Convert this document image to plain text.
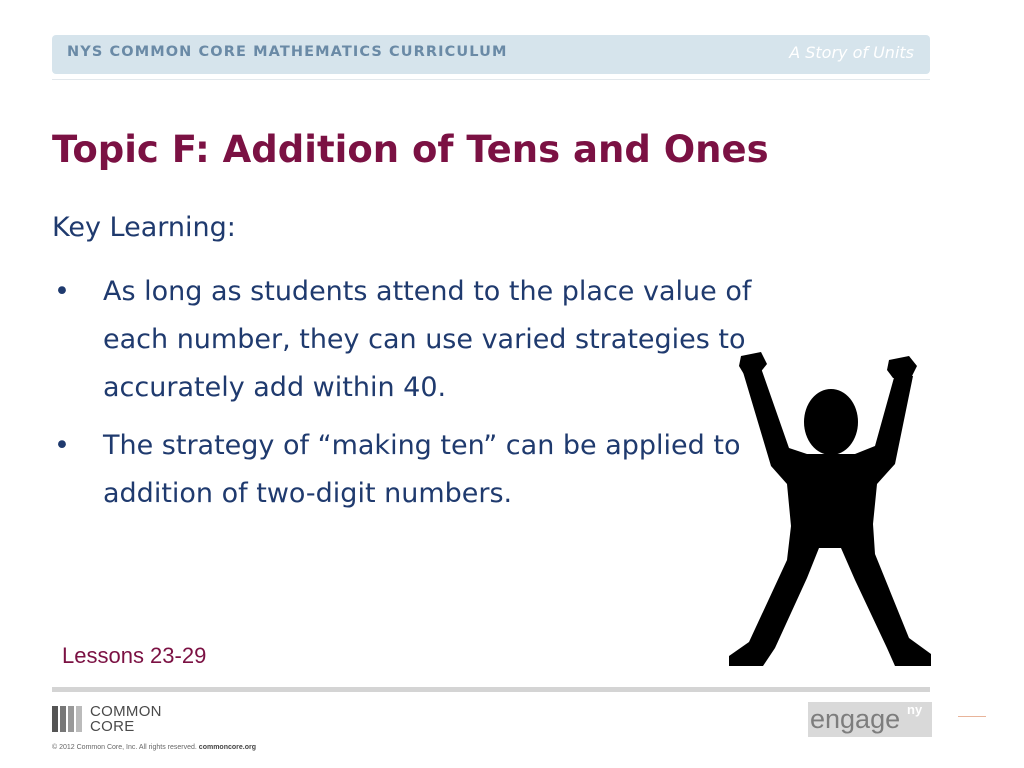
NYS COMMON CORE MATHEMATICS CURRICULUM	A Story of Units
Topic F: Addition of Tens and Ones
Key Learning:
• As long as students attend to the place value of each number, they can use varied strategies to accurately add within 40.
• The strategy of “making ten” can be applied to addition of two-digit numbers.
Lessons 23-29
COMMON
CORE
© 2012 Common Core, Inc. All rights reserved. commoncore.org
engage ny
